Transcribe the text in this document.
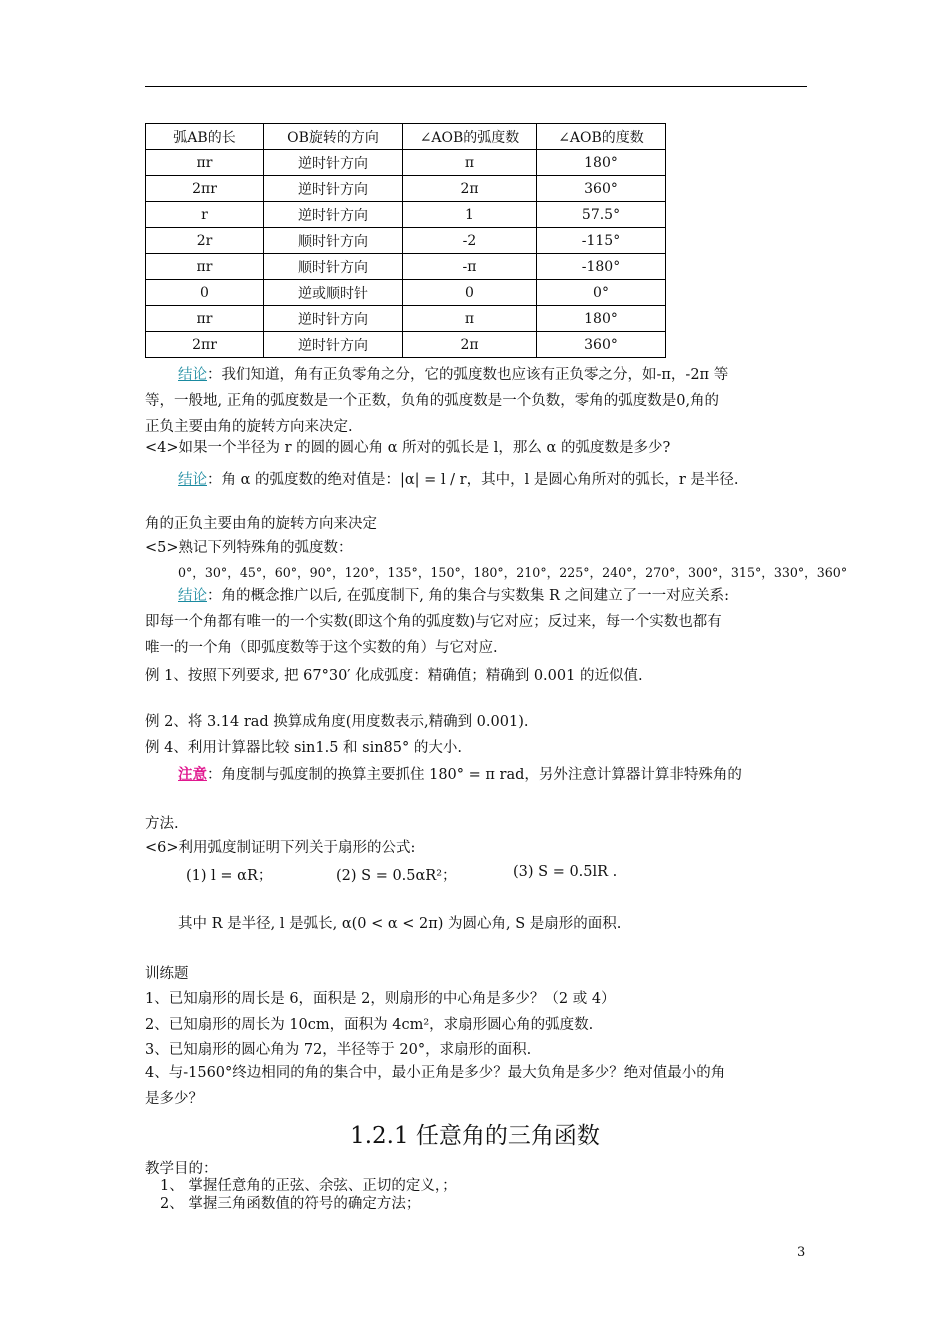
弧AB的长	OB旋转的方向	∠AOB的弧度数	∠AOB的度数
πr	逆时针方向	π	180°
2πr	逆时针方向	2π	360°
r	逆时针方向	1	57.5°
2r	顺时针方向	-2	-115°
πr	顺时针方向	-π	-180°
0	逆或顺时针	0	0°
πr	逆时针方向	π	180°
2πr	逆时针方向	2π	360°
结论：我们知道，角有正负零角之分，它的弧度数也应该有正负零之分，如-π，-2π 等
等，一般地, 正角的弧度数是一个正数，负角的弧度数是一个负数，零角的弧度数是0,角的
正负主要由角的旋转方向来决定.
<4>如果一个半径为 r 的圆的圆心角 α 所对的弧长是 l，那么 α 的弧度数是多少?
结论：角 α 的弧度数的绝对值是：|α| = l / r，其中，l 是圆心角所对的弧长，r 是半径.
角的正负主要由角的旋转方向来决定
<5>熟记下列特殊角的弧度数：
0°，30°，45°，60°，90°，120°，135°，150°，180°，210°，225°，240°，270°，300°，315°，330°，360°
结论：角的概念推广以后, 在弧度制下, 角的集合与实数集 R 之间建立了一一对应关系:
即每一个角都有唯一的一个实数(即这个角的弧度数)与它对应；反过来，每一个实数也都有
唯一的一个角（即弧度数等于这个实数的角）与它对应.
例 1、按照下列要求, 把 67°30′ 化成弧度：精确值；精确到 0.001 的近似值.
例 2、将 3.14 rad 换算成角度(用度数表示,精确到 0.001).
例 4、利用计算器比较 sin1.5 和 sin85° 的大小.
注意：角度制与弧度制的换算主要抓住 180° = π rad，另外注意计算器计算非特殊角的
方法.
<6>利用弧度制证明下列关于扇形的公式:
(1) l = αR；	(2) S = 0.5αR²；	(3) S = 0.5lR .
其中 R 是半径, l 是弧长, α(0 < α < 2π) 为圆心角, S 是扇形的面积.
训练题
1、已知扇形的周长是 6，面积是 2，则扇形的中心角是多少？（2 或 4）
2、已知扇形的周长为 10cm，面积为 4cm²，求扇形圆心角的弧度数.
3、已知扇形的圆心角为 72，半径等于 20°，求扇形的面积.
4、与-1560°终边相同的角的集合中，最小正角是多少？最大负角是多少？绝对值最小的角
是多少？
1.2.1 任意角的三角函数
教学目的：
1、 掌握任意角的正弦、余弦、正切的定义，；
2、 掌握三角函数值的符号的确定方法；
3
